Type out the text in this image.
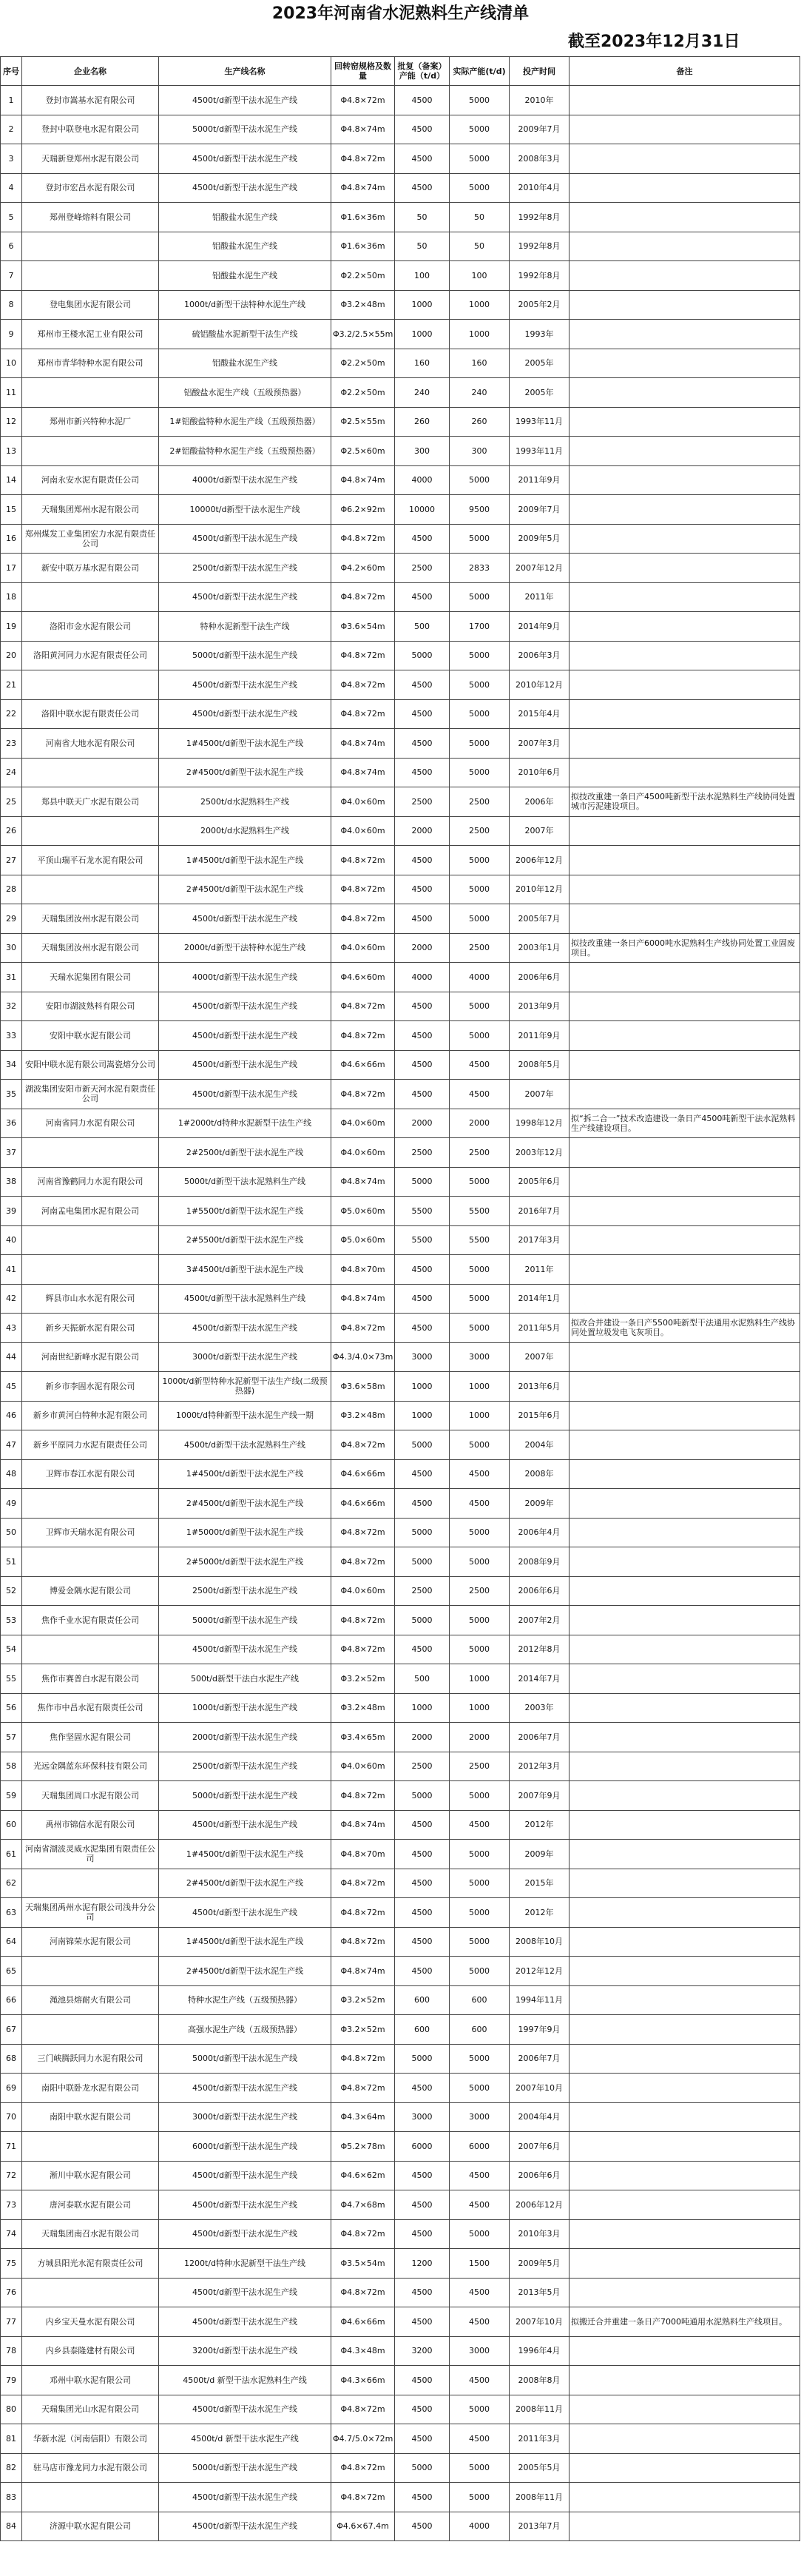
2023年河南省水泥熟料生产线清单
截至2023年12月31日
序号	企业名称	生产线名称	回转窑规格及数量	批复（备案）产能（t/d）	实际产能(t/d)	投产时间	备注
1	登封市嵩基水泥有限公司	4500t/d新型干法水泥生产线	Φ4.8×72m	4500	5000	2010年	
2	登封中联登电水泥有限公司	5000t/d新型干法水泥生产线	Φ4.8×74m	4500	5000	2009年7月	
3	天瑞新登郑州水泥有限公司	4500t/d新型干法水泥生产线	Φ4.8×72m	4500	5000	2008年3月	
4	登封市宏昌水泥有限公司	4500t/d新型干法水泥生产线	Φ4.8×74m	4500	5000	2010年4月	
5	郑州登峰熔料有限公司	铝酸盐水泥生产线	Φ1.6×36m	50	50	1992年8月	
6		铝酸盐水泥生产线	Φ1.6×36m	50	50	1992年8月	
7		铝酸盐水泥生产线	Φ2.2×50m	100	100	1992年8月	
8	登电集团水泥有限公司	1000t/d新型干法特种水泥生产线	Φ3.2×48m	1000	1000	2005年2月	
9	郑州市王楼水泥工业有限公司	硫铝酸盐水泥新型干法生产线	Φ3.2/2.5×55m	1000	1000	1993年	
10	郑州市青华特种水泥有限公司	铝酸盐水泥生产线	Φ2.2×50m	160	160	2005年	
11		铝酸盐水泥生产线（五级预热器）	Φ2.2×50m	240	240	2005年	
12	郑州市新兴特种水泥厂	1#铝酸盐特种水泥生产线（五级预热器）	Φ2.5×55m	260	260	1993年11月	
13		2#铝酸盐特种水泥生产线（五级预热器）	Φ2.5×60m	300	300	1993年11月	
14	河南永安水泥有限责任公司	4000t/d新型干法水泥生产线	Φ4.8×74m	4000	5000	2011年9月	
15	天瑞集团郑州水泥有限公司	10000t/d新型干法水泥生产线	Φ6.2×92m	10000	9500	2009年7月	
16	郑州煤发工业集团宏力水泥有限责任公司	4500t/d新型干法水泥生产线	Φ4.8×72m	4500	5000	2009年5月	
17	新安中联万基水泥有限公司	2500t/d新型干法水泥生产线	Φ4.2×60m	2500	2833	2007年12月	
18		4500t/d新型干法水泥生产线	Φ4.8×72m	4500	5000	2011年	
19	洛阳市金水泥有限公司	特种水泥新型干法生产线	Φ3.6×54m	500	1700	2014年9月	
20	洛阳黄河同力水泥有限责任公司	5000t/d新型干法水泥生产线	Φ4.8×72m	5000	5000	2006年3月	
21		4500t/d新型干法水泥生产线	Φ4.8×72m	4500	5000	2010年12月	
22	洛阳中联水泥有限责任公司	4500t/d新型干法水泥生产线	Φ4.8×72m	4500	5000	2015年4月	
23	河南省大地水泥有限公司	1#4500t/d新型干法水泥生产线	Φ4.8×74m	4500	5000	2007年3月	
24		2#4500t/d新型干法水泥生产线	Φ4.8×74m	4500	5000	2010年6月	
25	郑县中联天广水泥有限公司	2500t/d水泥熟料生产线	Φ4.0×60m	2500	2500	2006年	拟技改重建一条日产4500吨新型干法水泥熟料生产线协同处置城市污泥建设项目。
26		2000t/d水泥熟料生产线	Φ4.0×60m	2000	2500	2007年	
27	平顶山瑞平石龙水泥有限公司	1#4500t/d新型干法水泥生产线	Φ4.8×72m	4500	5000	2006年12月	
28		2#4500t/d新型干法水泥生产线	Φ4.8×72m	4500	5000	2010年12月	
29	天瑞集团汝州水泥有限公司	4500t/d新型干法水泥生产线	Φ4.8×72m	4500	5000	2005年7月	
30	天瑞集团汝州水泥有限公司	2000t/d新型干法特种水泥生产线	Φ4.0×60m	2000	2500	2003年1月	拟技改重建一条日产6000吨水泥熟料生产线协同处置工业固废项目。
31	天瑞水泥集团有限公司	4000t/d新型干法水泥生产线	Φ4.6×60m	4000	4000	2006年6月	
32	安阳市湖波熟料有限公司	4500t/d新型干法水泥生产线	Φ4.8×72m	4500	5000	2013年9月	
33	安阳中联水泥有限公司	4500t/d新型干法水泥生产线	Φ4.8×72m	4500	5000	2011年9月	
34	安阳中联水泥有限公司嵩瓷熔分公司	4500t/d新型干法水泥生产线	Φ4.6×66m	4500	4500	2008年5月	
35	湖波集团安阳市新天河水泥有限责任公司	4500t/d新型干法水泥生产线	Φ4.8×72m	4500	4500	2007年	
36	河南省同力水泥有限公司	1#2000t/d特种水泥新型干法生产线	Φ4.0×60m	2000	2000	1998年12月	拟“拆二合一”技术改造建设一条日产4500吨新型干法水泥熟料生产线建设项目。
37		2#2500t/d新型干法水泥生产线	Φ4.0×60m	2500	2500	2003年12月	
38	河南省豫鹤同力水泥有限公司	5000t/d新型干法水泥熟料生产线	Φ4.8×74m	5000	5000	2005年6月	
39	河南孟电集团水泥有限公司	1#5500t/d新型干法水泥生产线	Φ5.0×60m	5500	5500	2016年7月	
40		2#5500t/d新型干法水泥生产线	Φ5.0×60m	5500	5500	2017年3月	
41		3#4500t/d新型干法水泥生产线	Φ4.8×70m	4500	5000	2011年	
42	辉县市山水水泥有限公司	4500t/d新型干法水泥熟料生产线	Φ4.8×74m	4500	5000	2014年1月	
43	新乡天振新水泥有限公司	4500t/d新型干法水泥生产线	Φ4.8×72m	4500	5000	2011年5月	拟改合并建设一条日产5500吨新型干法通用水泥熟料生产线协同处置垃圾发电飞灰项目。
44	河南世纪新峰水泥有限公司	3000t/d新型干法水泥生产线	Φ4.3/4.0×73m	3000	3000	2007年	
45	新乡市李固水泥有限公司	1000t/d新型特种水泥新型干法生产线(二级预热器)	Φ3.6×58m	1000	1000	2013年6月	
46	新乡市黄河白特种水泥有限公司	1000t/d特种新型干法水泥生产线一期	Φ3.2×48m	1000	1000	2015年6月	
47	新乡平原同力水泥有限责任公司	4500t/d新型干法水泥熟料生产线	Φ4.8×72m	5000	5000	2004年	
48	卫辉市春江水泥有限公司	1#4500t/d新型干法水泥生产线	Φ4.6×66m	4500	4500	2008年	
49		2#4500t/d新型干法水泥生产线	Φ4.6×66m	4500	4500	2009年	
50	卫辉市天瑞水泥有限公司	1#5000t/d新型干法水泥生产线	Φ4.8×72m	5000	5000	2006年4月	
51		2#5000t/d新型干法水泥生产线	Φ4.8×72m	5000	5000	2008年9月	
52	博爱金隅水泥有限公司	2500t/d新型干法水泥生产线	Φ4.0×60m	2500	2500	2006年6月	
53	焦作千业水泥有限责任公司	5000t/d新型干法水泥生产线	Φ4.8×72m	5000	5000	2007年2月	
54		4500t/d新型干法水泥生产线	Φ4.8×72m	4500	5000	2012年8月	
55	焦作市赛普白水泥有限公司	500t/d新型干法白水泥生产线	Φ3.2×52m	500	1000	2014年7月	
56	焦作市中昌水泥有限责任公司	1000t/d新型干法水泥生产线	Φ3.2×48m	1000	1000	2003年	
57	焦作坚固水泥有限公司	2000t/d新型干法水泥生产线	Φ3.4×65m	2000	2000	2006年7月	
58	光远金隅蓝东环保科技有限公司	2500t/d新型干法水泥生产线	Φ4.0×60m	2500	2500	2012年3月	
59	天瑞集团周口水泥有限公司	5000t/d新型干法水泥生产线	Φ4.8×72m	5000	5000	2007年9月	
60	禹州市锦信水泥有限公司	4500t/d新型干法水泥生产线	Φ4.8×74m	4500	4500	2012年	
61	河南省湖波灵威水泥集团有限责任公司	1#4500t/d新型干法水泥生产线	Φ4.8×70m	4500	5000	2009年	
62		2#4500t/d新型干法水泥生产线	Φ4.8×72m	4500	5000	2015年	
63	天瑞集团禹州水泥有限公司浅井分公司	4500t/d新型干法水泥生产线	Φ4.8×72m	4500	5000	2012年	
64	河南锦荣水泥有限公司	1#4500t/d新型干法水泥生产线	Φ4.8×72m	4500	5000	2008年10月	
65		2#4500t/d新型干法水泥生产线	Φ4.8×74m	4500	5000	2012年12月	
66	渑池县熔耐火有限公司	特种水泥生产线（五级预热器）	Φ3.2×52m	600	600	1994年11月	
67		高强水泥生产线（五级预热器）	Φ3.2×52m	600	600	1997年9月	
68	三门峡腾跃同力水泥有限公司	5000t/d新型干法水泥生产线	Φ4.8×72m	5000	5000	2006年7月	
69	南阳中联卧龙水泥有限公司	4500t/d新型干法水泥生产线	Φ4.8×72m	4500	5000	2007年10月	
70	南阳中联水泥有限公司	3000t/d新型干法水泥生产线	Φ4.3×64m	3000	3000	2004年4月	
71		6000t/d新型干法水泥生产线	Φ5.2×78m	6000	6000	2007年6月	
72	淅川中联水泥有限公司	4500t/d新型干法水泥生产线	Φ4.6×62m	4500	4500	2006年6月	
73	唐河泰联水泥有限公司	4500t/d新型干法水泥生产线	Φ4.7×68m	4500	4500	2006年12月	
74	天瑞集团南召水泥有限公司	4500t/d新型干法水泥生产线	Φ4.8×72m	4500	5000	2010年3月	
75	方城县阳光水泥有限责任公司	1200t/d特种水泥新型干法生产线	Φ3.5×54m	1200	1500	2009年5月	
76		4500t/d新型干法水泥生产线	Φ4.8×72m	4500	4500	2013年5月	
77	内乡宝天曼水泥有限公司	4500t/d新型干法水泥生产线	Φ4.6×66m	4500	4500	2007年10月	拟搬迁合并重建一条日产7000吨通用水泥熟料生产线项目。
78	内乡县泰隆建材有限公司	3200t/d新型干法水泥生产线	Φ4.3×48m	3200	3000	1996年4月	
79	邓州中联水泥有限公司	4500t/d 新型干法水泥熟料生产线	Φ4.3×66m	4500	4500	2008年8月	
80	天瑞集团光山水泥有限公司	4500t/d新型干法水泥生产线	Φ4.8×72m	4500	5000	2008年11月	
81	华新水泥（河南信阳）有限公司	4500t/d 新型干法水泥生产线	Φ4.7/5.0×72m	4500	4500	2011年3月	
82	驻马店市豫龙同力水泥有限公司	5000t/d新型干法水泥生产线	Φ4.8×72m	5000	5000	2005年5月	
83		4500t/d新型干法水泥生产线	Φ4.8×72m	4500	5000	2008年11月	
84	济源中联水泥有限公司	4500t/d新型干法水泥生产线	Φ4.6×67.4m	4500	4000	2013年7月	
